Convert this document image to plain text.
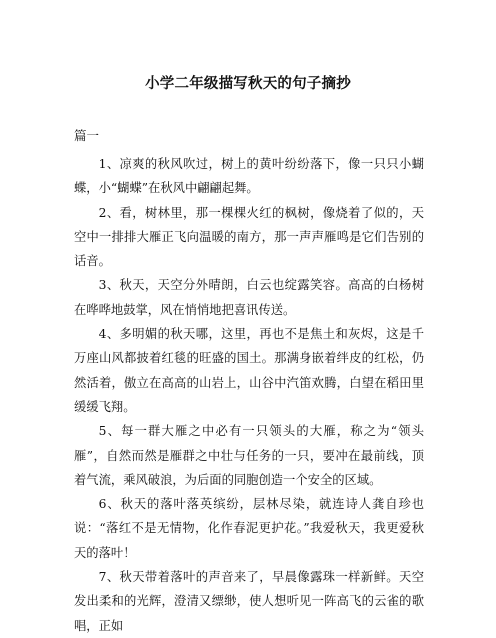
小学二年级描写秋天的句子摘抄
篇一

1、凉爽的秋风吹过，树上的黄叶纷纷落下，像一只只小蝴蝶，小“蝴蝶”在秋风中翩翩起舞。

2、看，树林里，那一棵棵火红的枫树，像烧着了似的，天空中一排排大雁正飞向温暖的南方，那一声声雁鸣是它们告别的话音。

3、秋天，天空分外晴朗，白云也绽露笑容。高高的白杨树在哗哗地鼓掌，风在悄悄地把喜讯传送。

4、多明媚的秋天哪，这里，再也不是焦土和灰烬，这是千万座山风都披着红毯的旺盛的国土。那满身嵌着绊皮的红松，仍然活着，傲立在高高的山岩上，山谷中汽笛欢腾，白望在稻田里缓缓飞翔。

5、每一群大雁之中必有一只领头的大雁，称之为“领头雁”，自然而然是雁群之中壮与任务的一只，要冲在最前线，顶着气流，乘风破浪，为后面的同胞创造一个安全的区域。

6、秋天的落叶落英缤纷，层林尽染，就连诗人龚自珍也说：“落红不是无情物，化作春泥更护花。”我爱秋天，我更爱秋天的落叶！

7、秋天带着落叶的声音来了，早晨像露珠一样新鲜。天空发出柔和的光辉，澄清又缥缈，使人想听见一阵高飞的云雀的歌唱，正如
